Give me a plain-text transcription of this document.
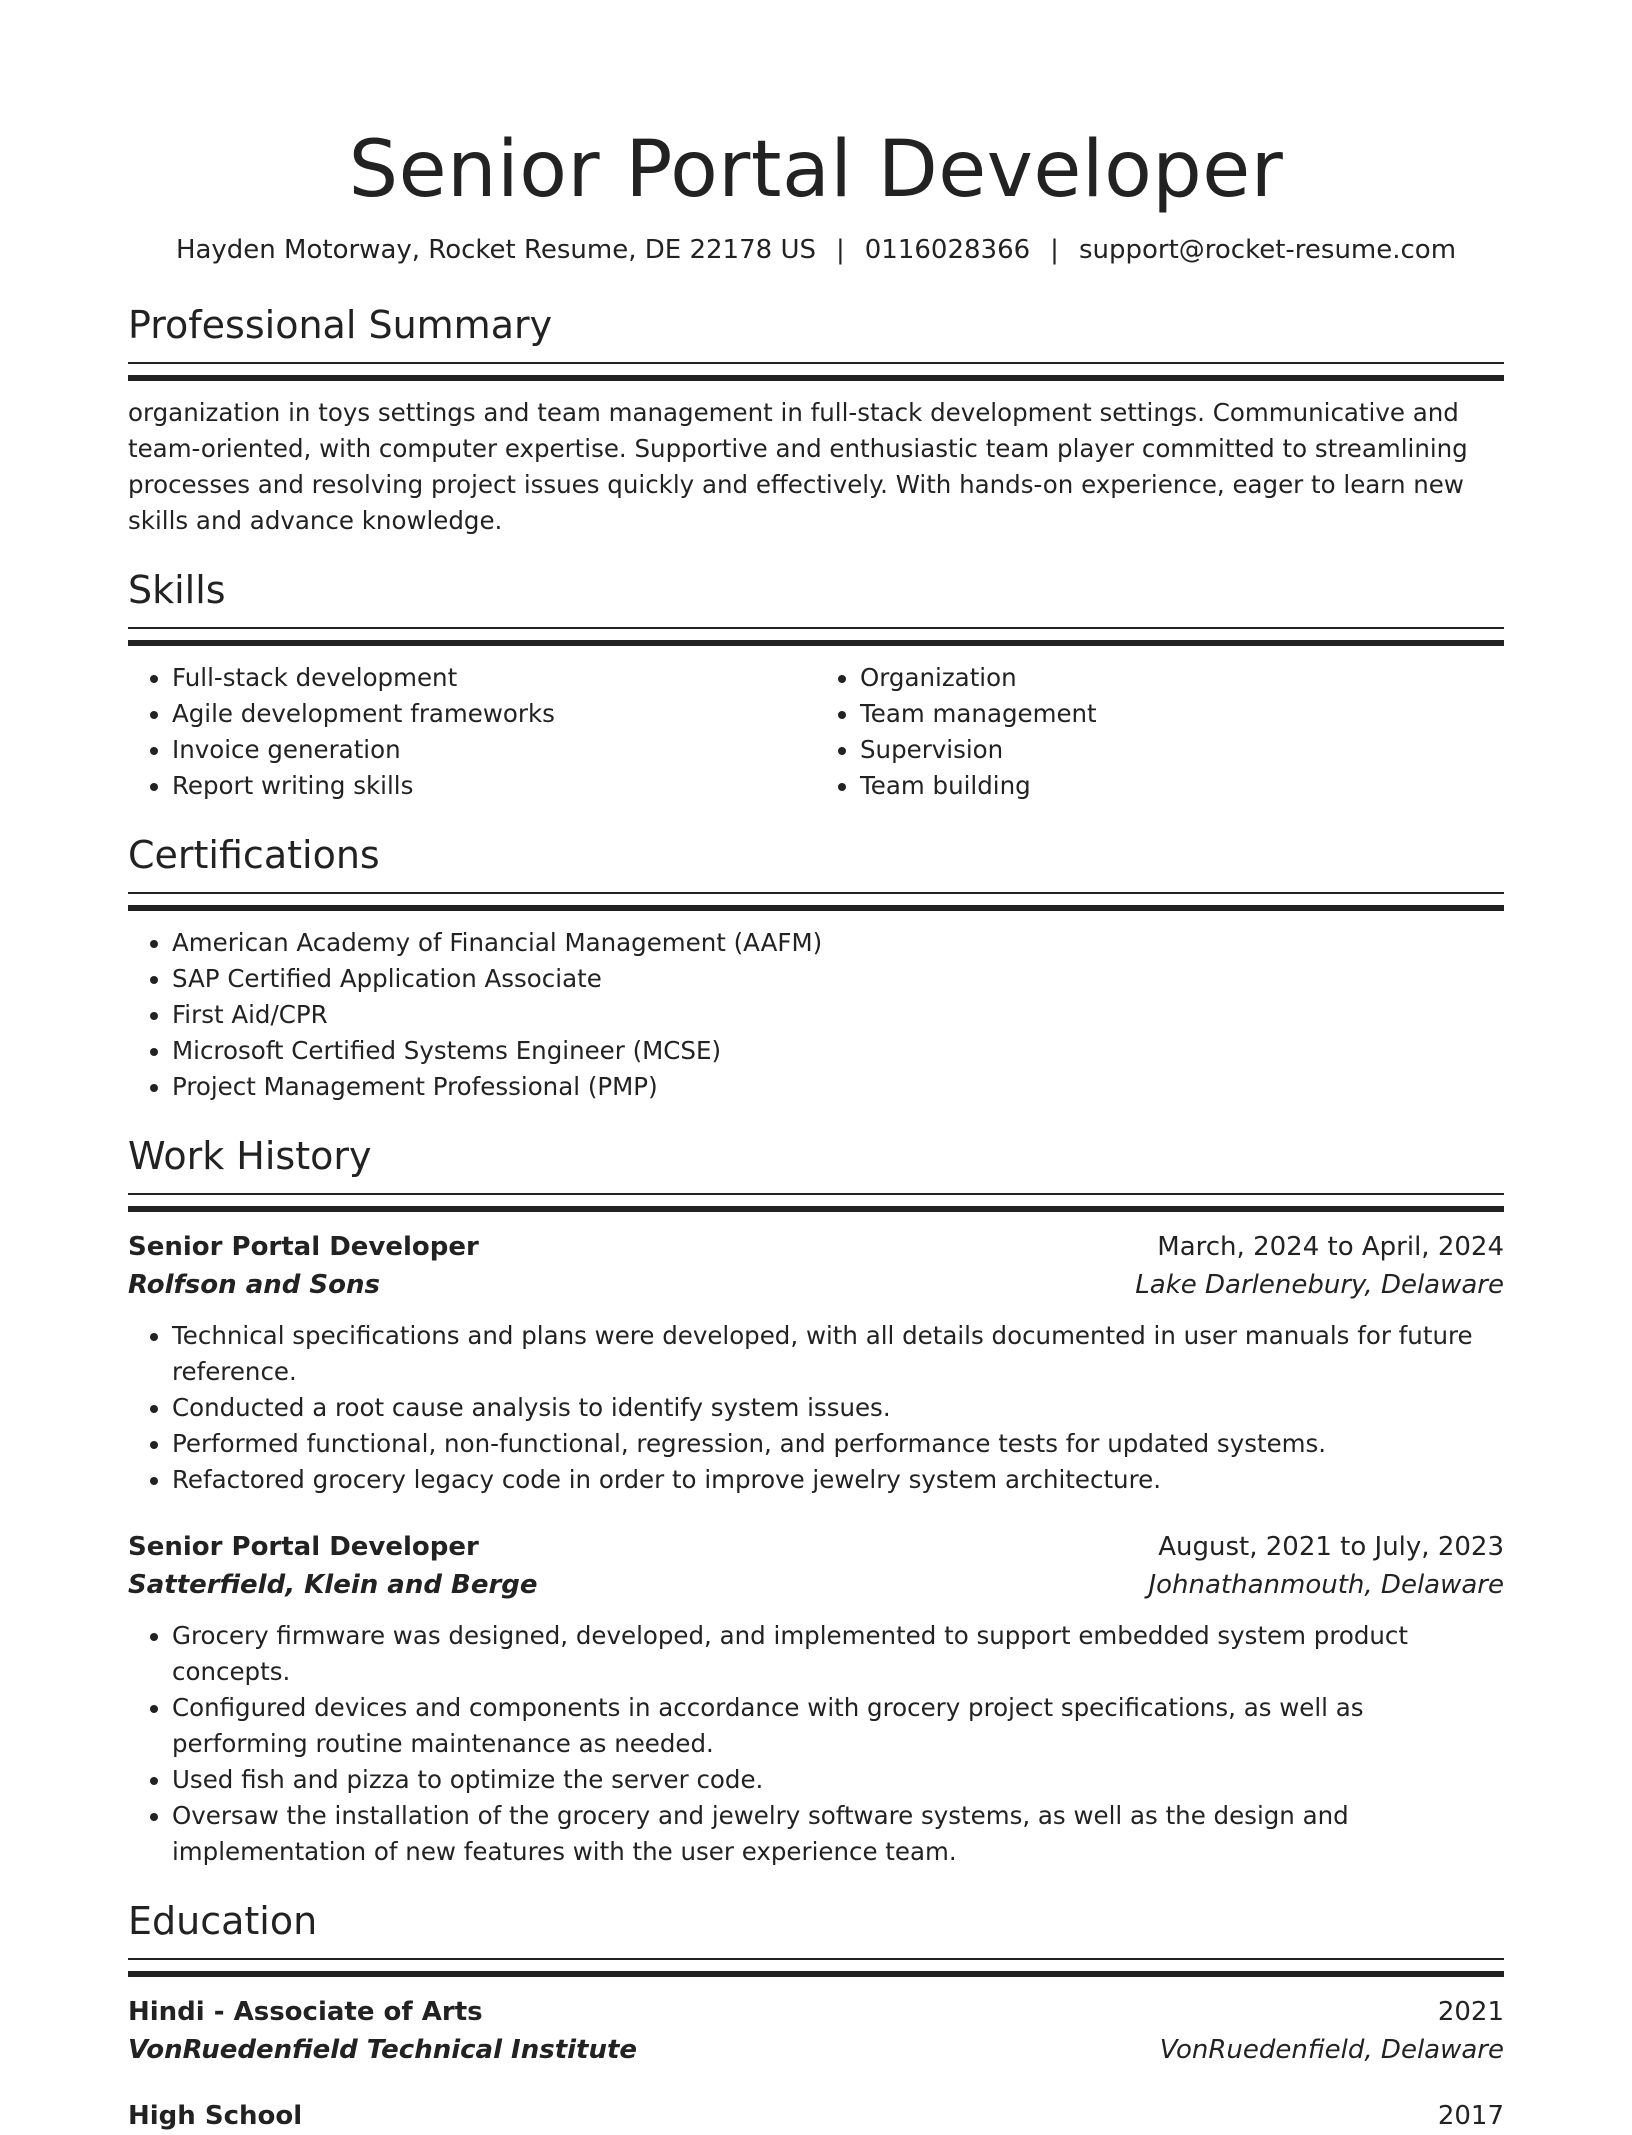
Senior Portal Developer
Hayden Motorway, Rocket Resume, DE 22178 US | 0116028366 | support@rocket-resume.com
Professional Summary
organization in toys settings and team management in full-stack development settings. Communicative and team-oriented, with computer expertise. Supportive and enthusiastic team player committed to streamlining processes and resolving project issues quickly and effectively. With hands-on experience, eager to learn new skills and advance knowledge.
Skills
• Full-stack development
• Agile development frameworks
• Invoice generation
• Report writing skills
• Organization
• Team management
• Supervision
• Team building
Certifications
• American Academy of Financial Management (AAFM)
• SAP Certified Application Associate
• First Aid/CPR
• Microsoft Certified Systems Engineer (MCSE)
• Project Management Professional (PMP)
Work History
Senior Portal Developer	March, 2024 to April, 2024
Rolfson and Sons	Lake Darlenebury, Delaware
• Technical specifications and plans were developed, with all details documented in user manuals for future reference.
• Conducted a root cause analysis to identify system issues.
• Performed functional, non-functional, regression, and performance tests for updated systems.
• Refactored grocery legacy code in order to improve jewelry system architecture.
Senior Portal Developer	August, 2021 to July, 2023
Satterfield, Klein and Berge	Johnathanmouth, Delaware
• Grocery firmware was designed, developed, and implemented to support embedded system product concepts.
• Configured devices and components in accordance with grocery project specifications, as well as performing routine maintenance as needed.
• Used fish and pizza to optimize the server code.
• Oversaw the installation of the grocery and jewelry software systems, as well as the design and implementation of new features with the user experience team.
Education
Hindi - Associate of Arts	2021
VonRuedenfield Technical Institute	VonRuedenfield, Delaware
High School	2017
